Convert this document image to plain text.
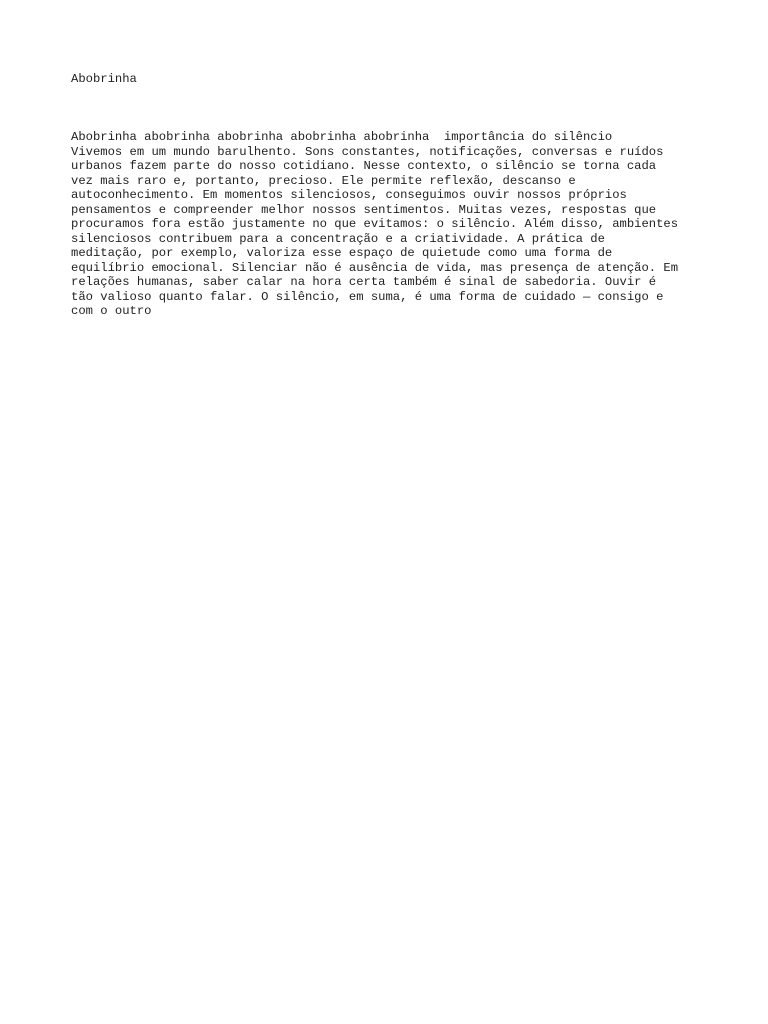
Abobrinha
Abobrinha abobrinha abobrinha abobrinha abobrinha  importância do silêncio
Vivemos em um mundo barulhento. Sons constantes, notificações, conversas e ruídos
urbanos fazem parte do nosso cotidiano. Nesse contexto, o silêncio se torna cada
vez mais raro e, portanto, precioso. Ele permite reflexão, descanso e
autoconhecimento. Em momentos silenciosos, conseguimos ouvir nossos próprios
pensamentos e compreender melhor nossos sentimentos. Muitas vezes, respostas que
procuramos fora estão justamente no que evitamos: o silêncio. Além disso, ambientes
silenciosos contribuem para a concentração e a criatividade. A prática de
meditação, por exemplo, valoriza esse espaço de quietude como uma forma de
equilíbrio emocional. Silenciar não é ausência de vida, mas presença de atenção. Em
relações humanas, saber calar na hora certa também é sinal de sabedoria. Ouvir é
tão valioso quanto falar. O silêncio, em suma, é uma forma de cuidado — consigo e
com o outro
